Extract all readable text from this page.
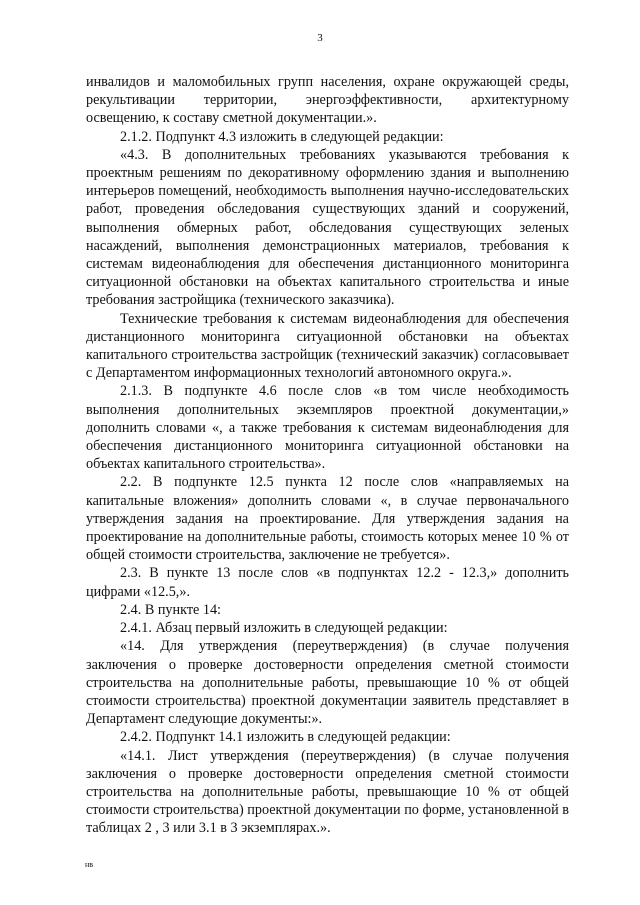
3

инвалидов и маломобильных групп населения, охране окружающей среды, рекультивации территории, энергоэффективности, архитектурному освещению, к составу сметной документации.».

2.1.2. Подпункт 4.3 изложить в следующей редакции:

«4.3. В дополнительных требованиях указываются требования к проектным решениям по декоративному оформлению здания и выполнению интерьеров помещений, необходимость выполнения научно-исследовательских работ, проведения обследования существующих зданий и сооружений, выполнения обмерных работ, обследования существующих зеленых насаждений, выполнения демонстрационных материалов, требования к системам видеонаблюдения для обеспечения дистанционного мониторинга ситуационной обстановки на объектах капитального строительства и иные требования застройщика (технического заказчика).

Технические требования к системам видеонаблюдения для обеспечения дистанционного мониторинга ситуационной обстановки на объектах капитального строительства застройщик (технический заказчик) согласовывает с Департаментом информационных технологий автономного округа.».

2.1.3. В подпункте 4.6 после слов «в том числе необходимость выполнения дополнительных экземпляров проектной документации,» дополнить словами «, а также требования к системам видеонаблюдения для обеспечения дистанционного мониторинга ситуационной обстановки на объектах капитального строительства».

2.2. В подпункте 12.5 пункта 12 после слов «направляемых на капитальные вложения» дополнить словами «, в случае первоначального утверждения задания на проектирование. Для утверждения задания на проектирование на дополнительные работы, стоимость которых менее 10 % от общей стоимости строительства, заключение не требуется».

2.3. В пункте 13 после слов «в подпунктах 12.2 - 12.3,» дополнить цифрами «12.5,».

2.4. В пункте 14:

2.4.1. Абзац первый изложить в следующей редакции:

«14. Для утверждения (переутверждения) (в случае получения заключения о проверке достоверности определения сметной стоимости строительства на дополнительные работы, превышающие 10 % от общей стоимости строительства) проектной документации заявитель представляет в Департамент следующие документы:».

2.4.2. Подпункт 14.1 изложить в следующей редакции:

«14.1. Лист утверждения (переутверждения) (в случае получения заключения о проверке достоверности определения сметной стоимости строительства на дополнительные работы, превышающие 10 % от общей стоимости строительства) проектной документации по форме, установленной в таблицах 2 , 3 или 3.1 в 3 экземплярах.».

нв
